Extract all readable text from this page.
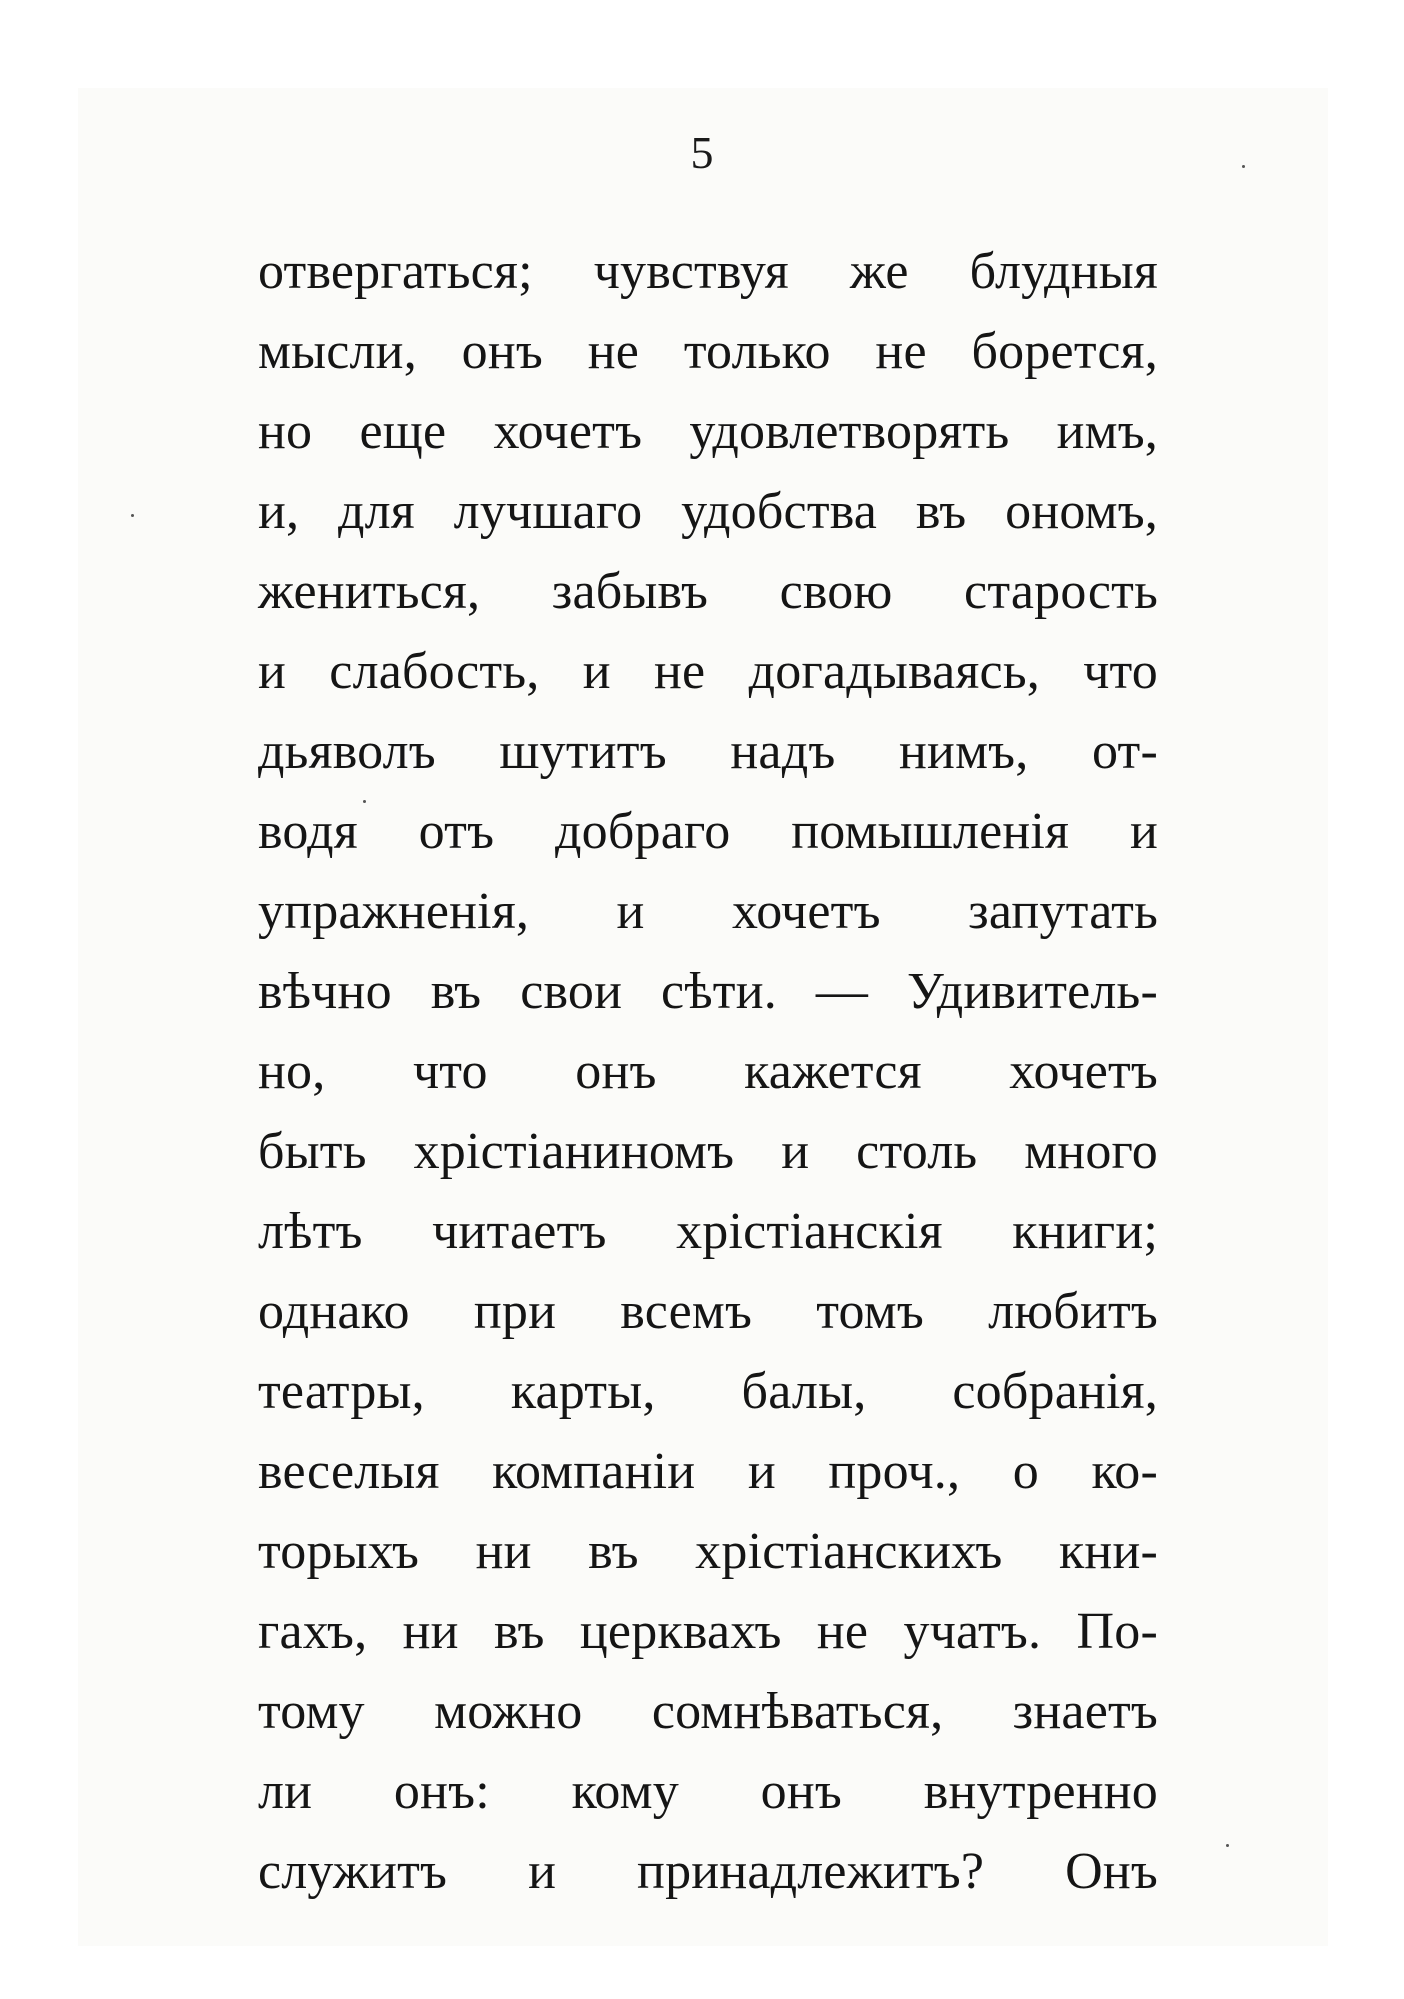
5
отвергаться; чувствуя же блудныя
мысли, онъ не только не борется,
но еще хочетъ удовлетворять имъ,
и, для лучшаго удобства въ ономъ,
жениться, забывъ свою старость
и слабость, и не догадываясь, что
дьяволъ шутитъ надъ нимъ, от-
водя отъ добраго помышленія и
упражненія, и хочетъ запутать
вѣчно въ свои сѣти. — Удивитель-
но, что онъ кажется хочетъ
быть хрістіаниномъ и столь много
лѣтъ читаетъ хрістіанскія книги;
однако при всемъ томъ любитъ
театры, карты, балы, собранія,
веселыя компаніи и проч., о ко-
торыхъ ни въ хрістіанскихъ кни-
гахъ, ни въ церквахъ не учатъ. По-
тому можно сомнѣваться, знаетъ
ли онъ: кому онъ внутренно
служитъ и принадлежитъ? Онъ
